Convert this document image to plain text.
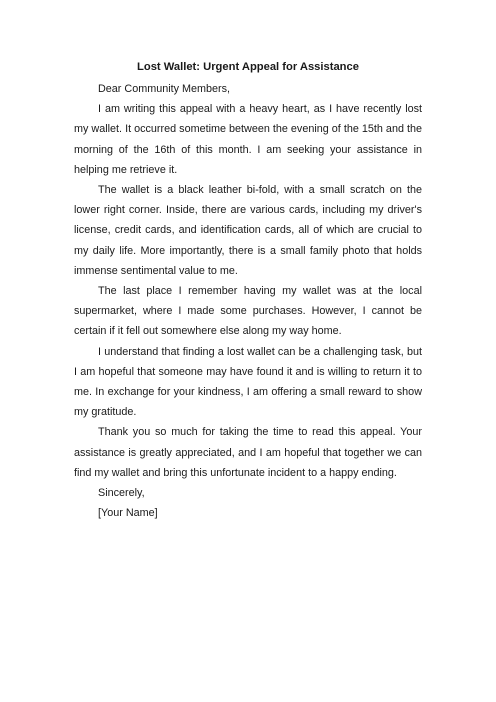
Lost Wallet: Urgent Appeal for Assistance

Dear Community Members,

I am writing this appeal with a heavy heart, as I have recently lost my wallet. It occurred sometime between the evening of the 15th and the morning of the 16th of this month. I am seeking your assistance in helping me retrieve it.

The wallet is a black leather bi-fold, with a small scratch on the lower right corner. Inside, there are various cards, including my driver's license, credit cards, and identification cards, all of which are crucial to my daily life. More importantly, there is a small family photo that holds immense sentimental value to me.

The last place I remember having my wallet was at the local supermarket, where I made some purchases. However, I cannot be certain if it fell out somewhere else along my way home.

I understand that finding a lost wallet can be a challenging task, but I am hopeful that someone may have found it and is willing to return it to me. In exchange for your kindness, I am offering a small reward to show my gratitude.

Thank you so much for taking the time to read this appeal. Your assistance is greatly appreciated, and I am hopeful that together we can find my wallet and bring this unfortunate incident to a happy ending.

Sincerely,

[Your Name]
